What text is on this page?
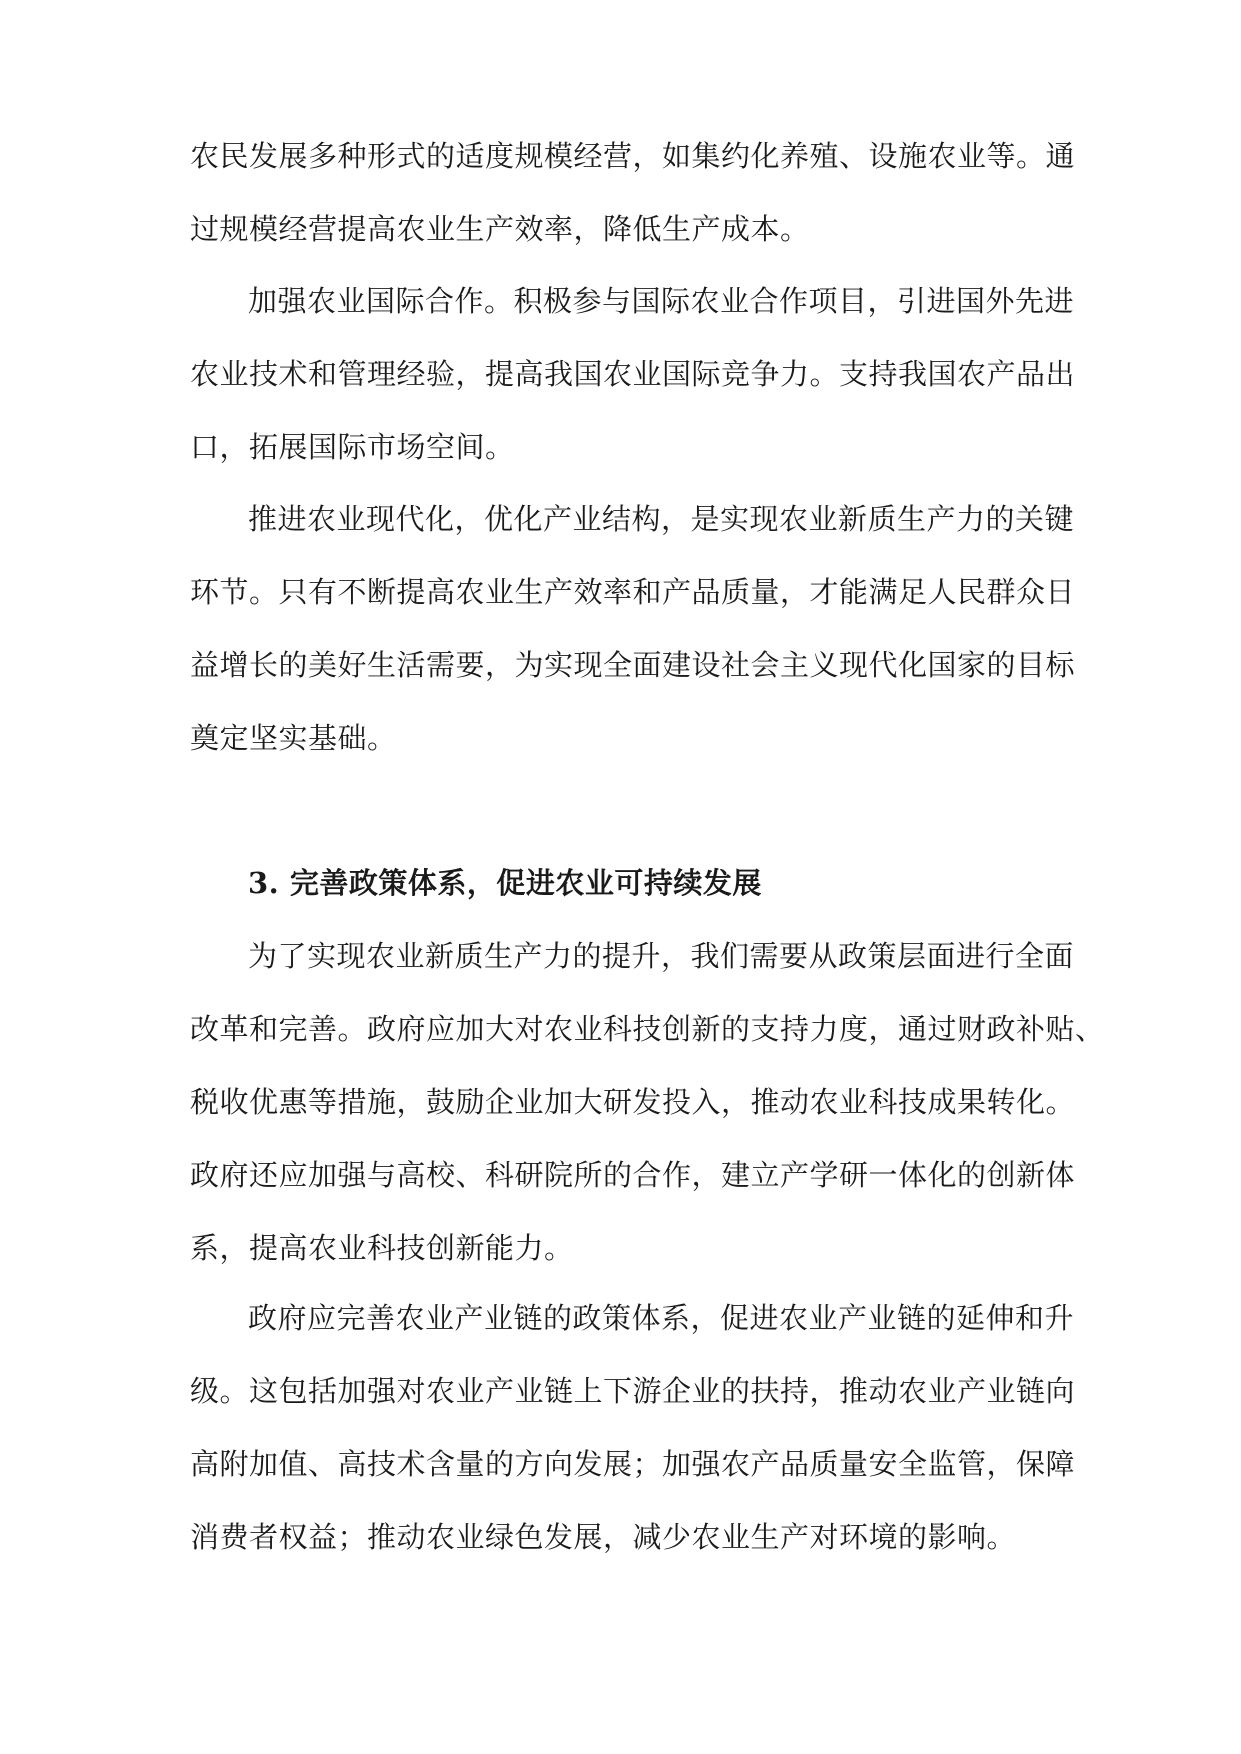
农民发展多种形式的适度规模经营，如集约化养殖、设施农业等。通
过规模经营提高农业生产效率，降低生产成本。

加强农业国际合作。积极参与国际农业合作项目，引进国外先进
农业技术和管理经验，提高我国农业国际竞争力。支持我国农产品出
口，拓展国际市场空间。

推进农业现代化，优化产业结构，是实现农业新质生产力的关键
环节。只有不断提高农业生产效率和产品质量，才能满足人民群众日
益增长的美好生活需要，为实现全面建设社会主义现代化国家的目标
奠定坚实基础。

3. 完善政策体系，促进农业可持续发展

为了实现农业新质生产力的提升，我们需要从政策层面进行全面
改革和完善。政府应加大对农业科技创新的支持力度，通过财政补贴、
税收优惠等措施，鼓励企业加大研发投入，推动农业科技成果转化。
政府还应加强与高校、科研院所的合作，建立产学研一体化的创新体
系，提高农业科技创新能力。

政府应完善农业产业链的政策体系，促进农业产业链的延伸和升
级。这包括加强对农业产业链上下游企业的扶持，推动农业产业链向
高附加值、高技术含量的方向发展；加强农产品质量安全监管，保障
消费者权益；推动农业绿色发展，减少农业生产对环境的影响。
